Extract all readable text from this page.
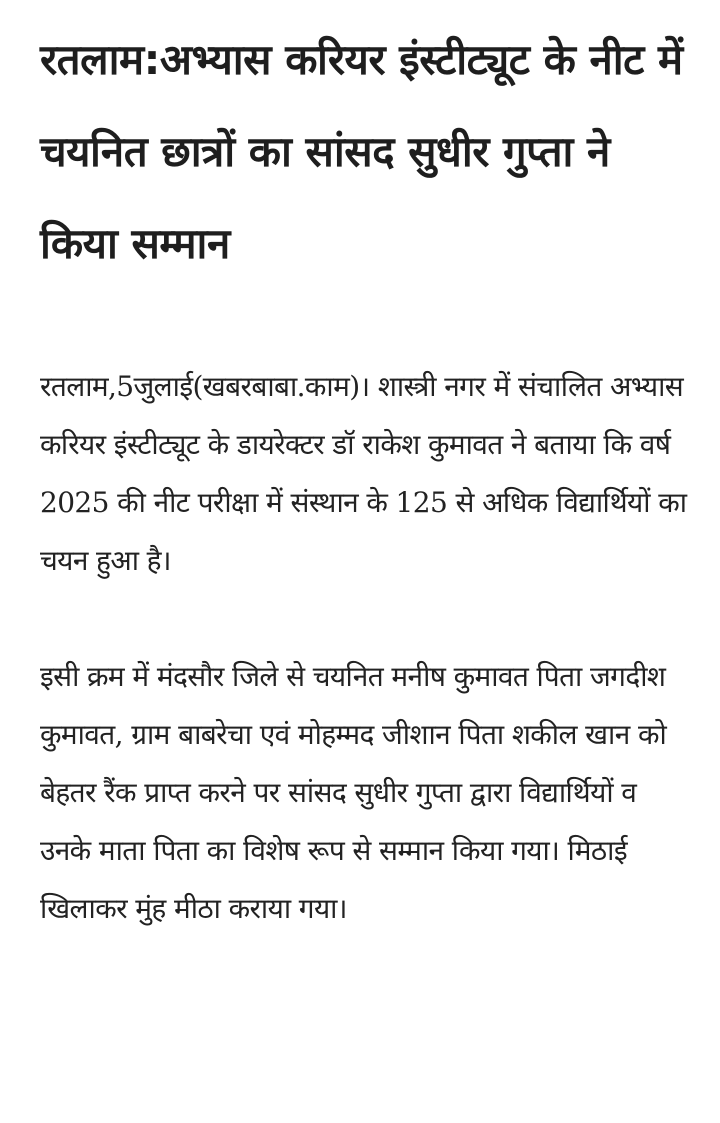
रतलाम:अभ्यास करियर इंस्टीट्यूट के नीट में चयनित छात्रों का सांसद सुधीर गुप्ता ने किया सम्मान

रतलाम,5जुलाई(खबरबाबा.काम)। शास्त्री नगर में संचालित अभ्यास करियर इंस्टीट्यूट के डायरेक्टर डॉ राकेश कुमावत ने बताया कि वर्ष 2025 की नीट परीक्षा में संस्थान के 125 से अधिक विद्यार्थियों का चयन हुआ है।

इसी क्रम में मंदसौर जिले से चयनित मनीष कुमावत पिता जगदीश कुमावत, ग्राम बाबरेचा एवं मोहम्मद जीशान पिता शकील खान को बेहतर रैंक प्राप्त करने पर सांसद सुधीर गुप्ता द्वारा विद्यार्थियों व उनके माता पिता का विशेष रूप से सम्मान किया गया। मिठाई खिलाकर मुंह मीठा कराया गया।
